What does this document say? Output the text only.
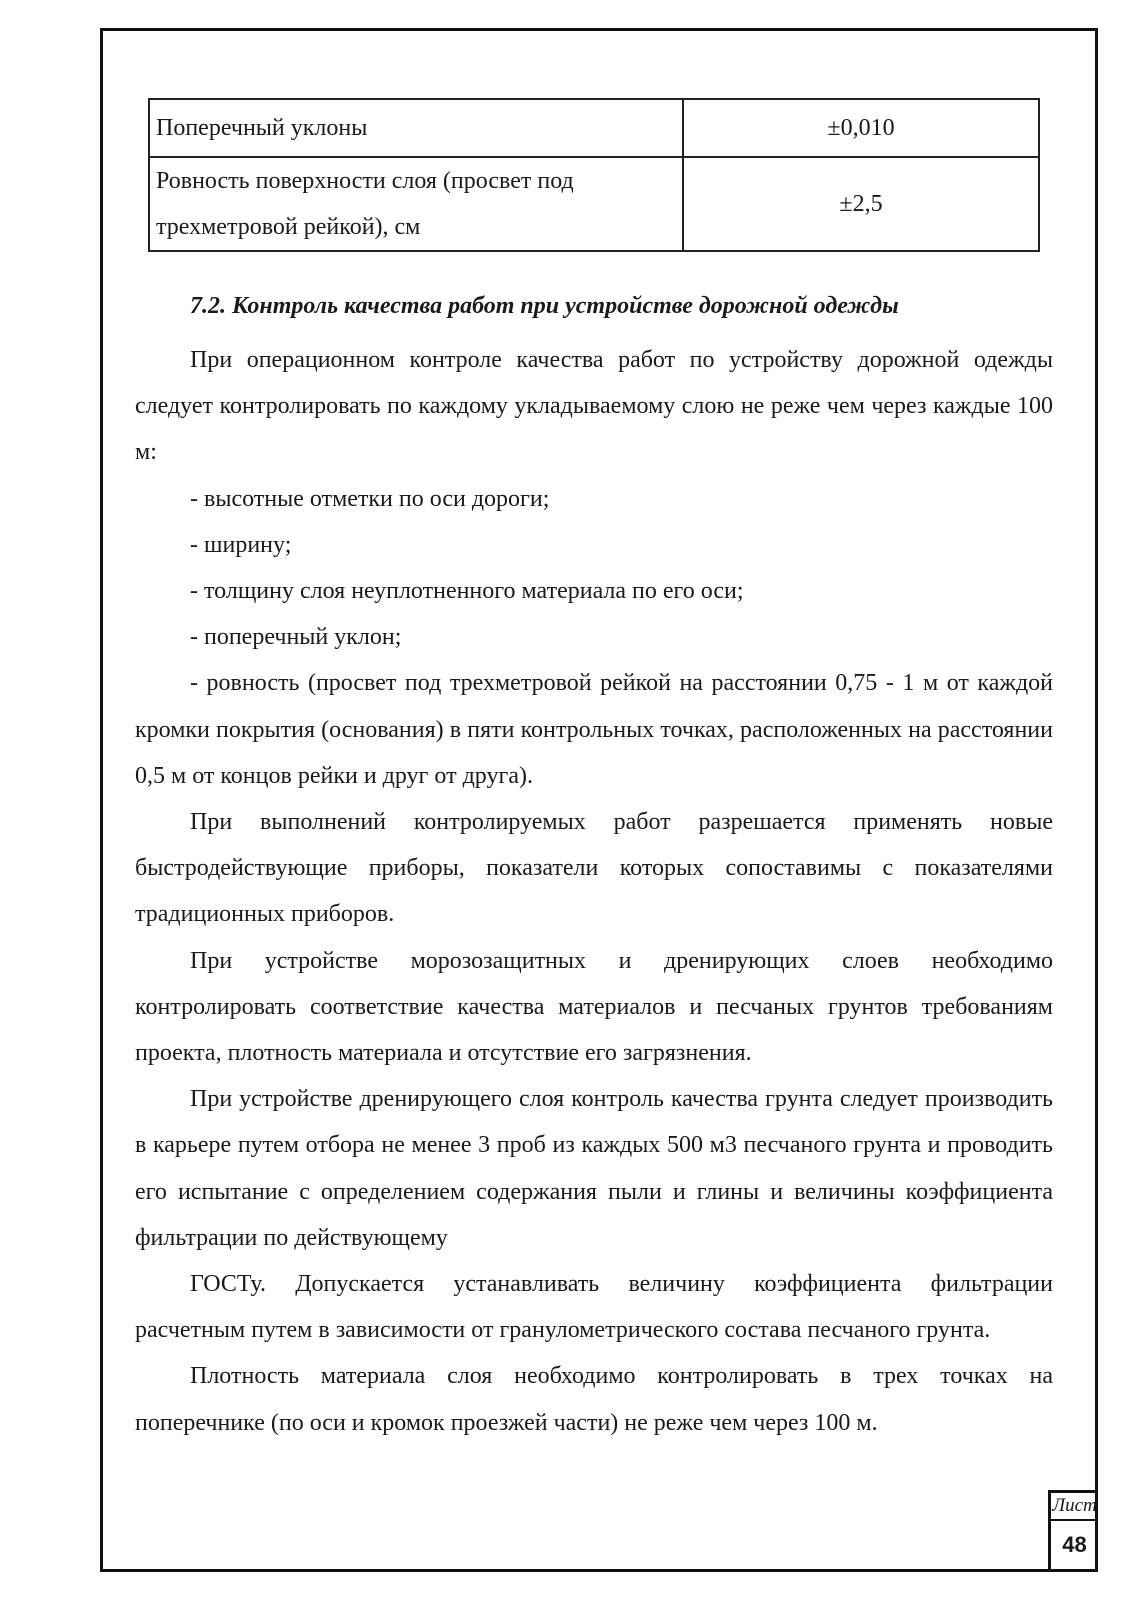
Поперечный уклоны	±0,010
Ровность поверхности слоя (просвет под трехметровой рейкой), см	±2,5
7.2. Контроль качества работ при устройстве дорожной одежды

При операционном контроле качества работ по устройству дорожной одежды следует контролировать по каждому укладываемому слою не реже чем через каждые 100 м:

- высотные отметки по оси дороги;

- ширину;

- толщину слоя неуплотненного материала по его оси;

- поперечный уклон;

- ровность (просвет под трехметровой рейкой на расстоянии 0,75 - 1 м от каждой кромки покрытия (основания) в пяти контрольных точках, расположенных на расстоянии 0,5 м от концов рейки и друг от друга).

При выполнений контролируемых работ разрешается применять новые быстродействующие приборы, показатели которых сопоставимы с показателями традиционных приборов.

При устройстве морозозащитных и дренирующих слоев необходимо контролировать соответствие качества материалов и песчаных грунтов требованиям проекта, плотность материала и отсутствие его загрязнения.

При устройстве дренирующего слоя контроль качества грунта следует производить в карьере путем отбора не менее 3 проб из каждых 500 м3 песчаного грунта и проводить его испытание с определением содержания пыли и глины и величины коэффициента фильтрации по действующему

ГОСТу. Допускается устанавливать величину коэффициента фильтрации расчетным путем в зависимости от гранулометрического состава песчаного грунта.

Плотность материала слоя необходимо контролировать в трех точках на поперечнике (по оси и кромок проезжей части) не реже чем через 100 м.

Лист
48
